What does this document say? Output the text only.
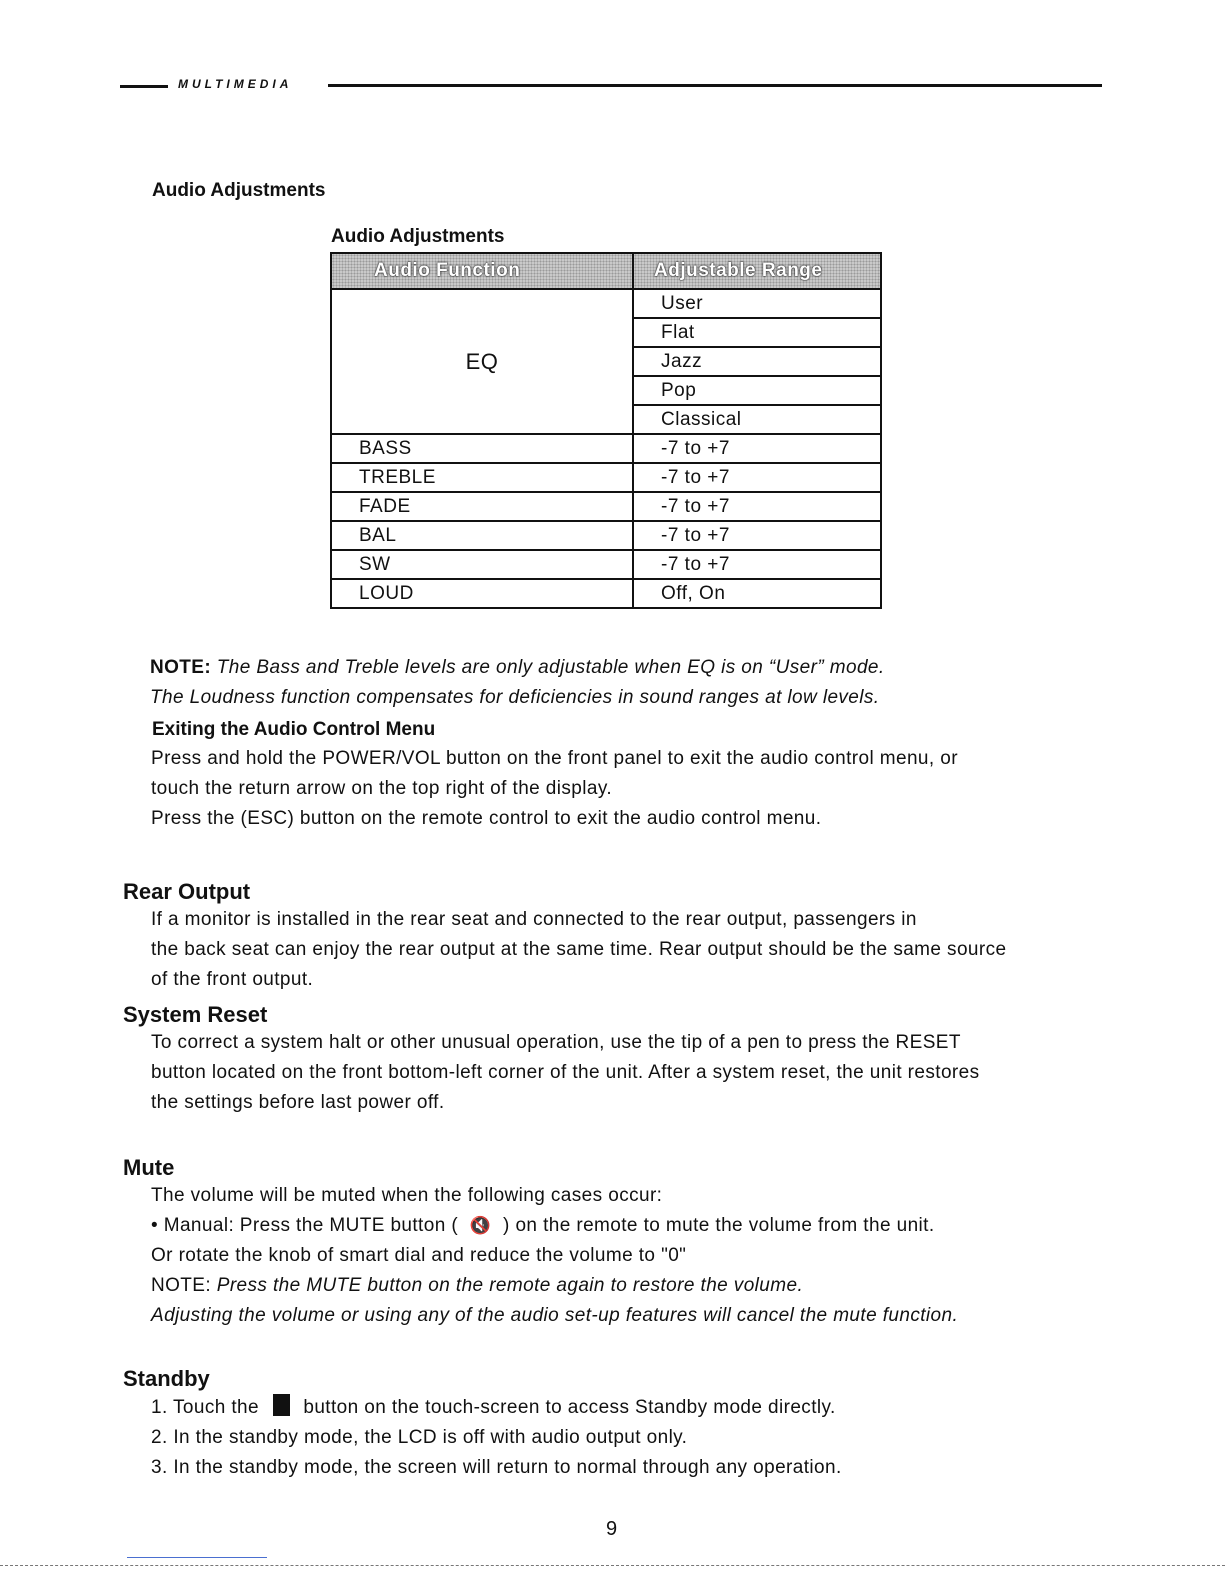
MULTIMEDIA
Audio Adjustments
Audio Adjustments
Audio Function	Adjustable Range
EQ	User
	Flat
	Jazz
	Pop
	Classical
BASS	-7 to +7
TREBLE	-7 to +7
FADE	-7 to +7
BAL	-7 to +7
SW	-7 to +7
LOUD	Off, On
NOTE: The Bass and Treble levels are only adjustable when EQ is on “User” mode.
The Loudness function compensates for deficiencies in sound ranges at low levels.
Exiting the Audio Control Menu
Press and hold the POWER/VOL button on the front panel to exit the audio control menu, or
touch the return arrow on the top right of the display.
Press the (ESC) button on the remote control to exit the audio control menu.
Rear Output
If a monitor is installed in the rear seat and connected to the rear output, passengers in
the back seat can enjoy the rear output at the same time. Rear output should be the same source
of the front output.
System Reset
To correct a system halt or other unusual operation, use the tip of a pen to press the RESET
button located on the front bottom-left corner of the unit. After a system reset, the unit restores
the settings before last power off.
Mute
The volume will be muted when the following cases occur:
• Manual: Press the MUTE button ( 🔇 ) on the remote to mute the volume from the unit.
Or rotate the knob of smart dial and reduce the volume to "0"
NOTE: Press the MUTE button on the remote again to restore the volume.
Adjusting the volume or using any of the audio set-up features will cancel the mute function.
Standby
1. Touch the button on the touch-screen to access Standby mode directly.
2. In the standby mode, the LCD is off with audio output only.
3. In the standby mode, the screen will return to normal through any operation.
9
